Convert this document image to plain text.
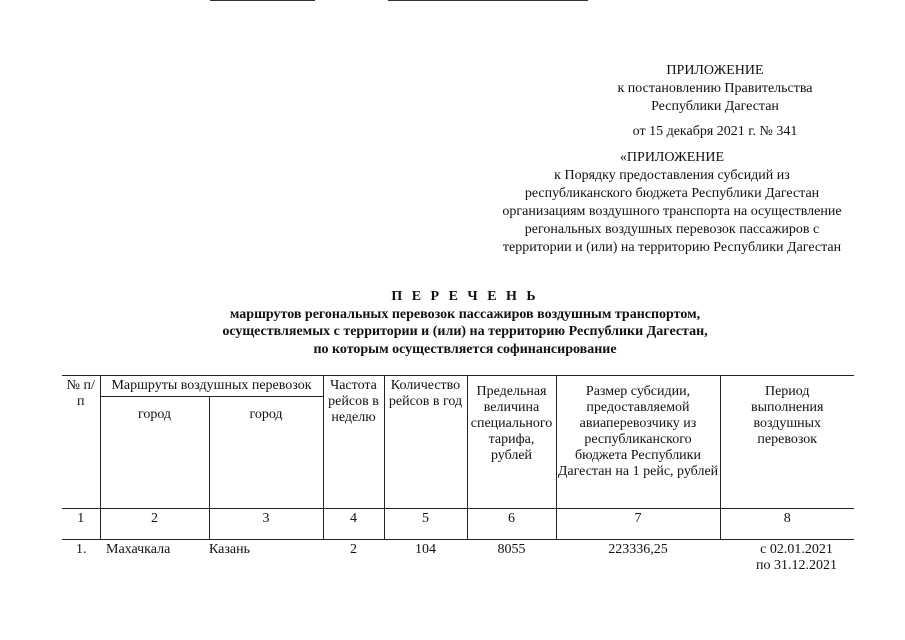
ПРИЛОЖЕНИЕ
к постановлению Правительства
Республики Дагестан
от 15 декабря 2021 г. № 341
«ПРИЛОЖЕНИЕ
к Порядку предоставления субсидий из
республиканского бюджета Республики Дагестан
организациям воздушного транспорта на осуществление
регональных воздушных перевозок пассажиров с
территории и (или) на территорию Республики Дагестан
П Е Р Е Ч Е Н Ь
маршрутов регональных перевозок пассажиров воздушным транспортом,
осуществляемых с территории и (или) на территорию Республики Дагестан,
по которым осуществляется софинансирование
№ п/п	Маршруты воздушных перевозок		Частота рейсов в неделю	Количество рейсов в год	Предельная величина специального тарифа, рублей	Размер субсидии, предоставляемой авиаперевозчику из республиканского бюджета Республики Дагестан на 1 рейс, рублей	Период выполнения воздушных перевозок
	город	город					
1	2	3	4	5	6	7	8
1.	Махачкала	Казань	2	104	8055	223336,25	с 02.01.2021
по 31.12.2021
